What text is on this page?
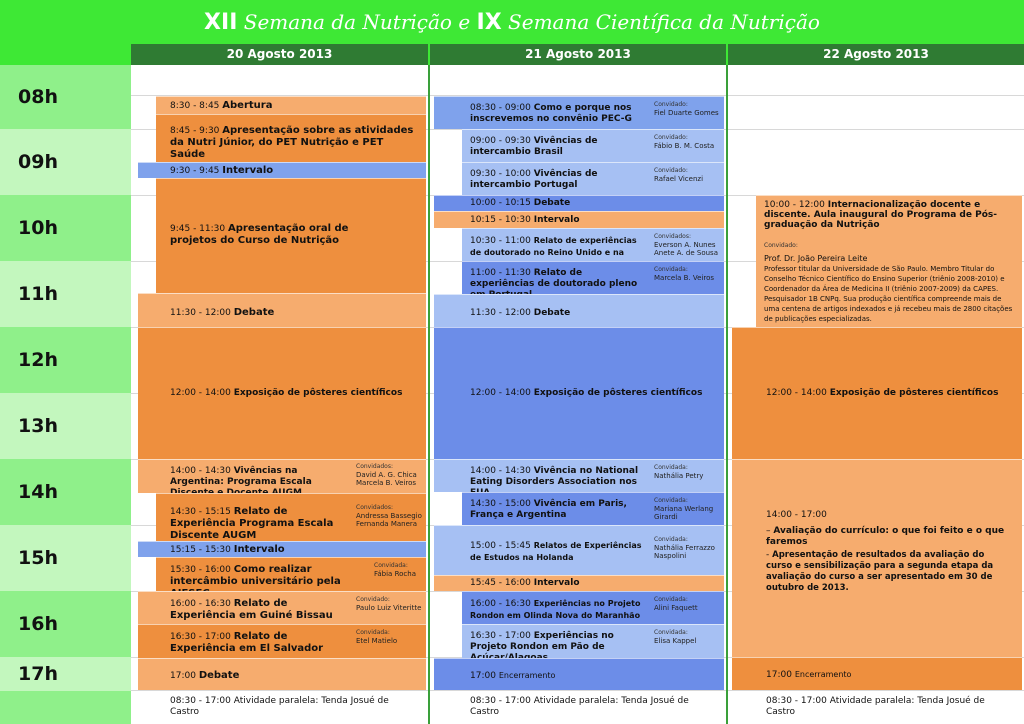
XII Semana da Nutrição e IX Semana Científica da Nutrição
20 Agosto 2013	21 Agosto 2013	22 Agosto 2013
08h
09h
10h
11h
12h
13h
14h
15h
16h
17h
8:30 - 8:45 Abertura
8:45 - 9:30 Apresentação sobre as atividades da Nutri Júnior, do PET Nutrição e PET Saúde
9:30 - 9:45 Intervalo
9:45 - 11:30 Apresentação oral de projetos do Curso de Nutrição
11:30 - 12:00 Debate
12:00 - 14:00 Exposição de pôsteres científicos
14:00 - 14:30 Vivências na Argentina: Programa Escala
Convidados:
David A. G. Chica
Marcela B. Veiros
14:30 - 15:15 Relato de Experiência Programa Escala Discente AUGM
Convidados:
Andressa Bassegio
Fernanda Manera
15:15 - 15:30 Intervalo
15:30 - 16:00 Como realizar intercâmbio universitário pela
Convidada:
Fábia Rocha
16:00 - 16:30 Relato de Experiência em Guiné Bissau
Convidado:
Paulo Luiz Viteritte
16:30 - 17:00 Relato de Experiência em El Salvador
Convidada:
Etel Matielo
17:00 Debate
08:30 - 17:00 Atividade paralela: Tenda Josué de Castro
08:30 - 09:00 Como e porque nos inscrevemos no convênio PEC-G
Convidado:
Fiel Duarte Gomes
09:00 - 09:30 Vivências de intercambio Brasil
Convidado:
Fábio B. M. Costa
09:30 - 10:00 Vivências de intercambio Portugal
Convidado:
Rafael Vicenzi
10:00 - 10:15 Debate
10:15 - 10:30 Intervalo
10:30 - 11:00 Relato de experiências de doutorado no Reino Unido e na
Convidados:
Everson A. Nunes
Anete A. de Sousa
11:00 - 11:30 Relato de experiências de doutorado pleno
Convidada:
Marcela B. Veiros
11:30 - 12:00 Debate
12:00 - 14:00 Exposição de pôsteres científicos
14:00 - 14:30 Vivência no National Eating Disorders Association nos
Convidada:
Nathália Petry
14:30 - 15:00 Vivência em Paris, França e Argentina
Convidada:
Mariana Werlang Girardi
15:00 - 15:45 Relatos de Experiências de Estudos na Holanda
Convidada:
Nathália Ferrazzo Naspolini
15:45 - 16:00 Intervalo
16:00 - 16:30 Experiências no Projeto Rondon em Olinda Nova do Maranhão
Convidada:
Alini Faquett
16:30 - 17:00 Experiências no Projeto Rondon em Pão de
Convidada:
Elisa Kappel
17:00 Encerramento
08:30 - 17:00 Atividade paralela: Tenda Josué de Castro
10:00 - 12:00 Internacionalização docente e discente. Aula inaugural do Programa de Pós-graduação da Nutrição
Convidado:
Prof. Dr. João Pereira Leite
Professor titular da Universidade de São Paulo. Membro Titular do Conselho Técnico Científico do Ensino Superior (triênio 2008-2010) e Coordenador da Área de Medicina II (triênio 2007-2009) da CAPES. Pesquisador 1B CNPq. Sua produção científica compreende mais de uma centena de artigos indexados e já recebeu mais de 2800 citações de publicações especializadas.
12:00 - 14:00 Exposição de pôsteres científicos
14:00 - 17:00
– Avaliação do currículo: o que foi feito e o que faremos
- Apresentação de resultados da avaliação do curso e sensibilização para a segunda etapa da avaliação do curso a ser apresentado em 30 de outubro de 2013.
17:00 Encerramento
08:30 - 17:00 Atividade paralela: Tenda Josué de Castro
